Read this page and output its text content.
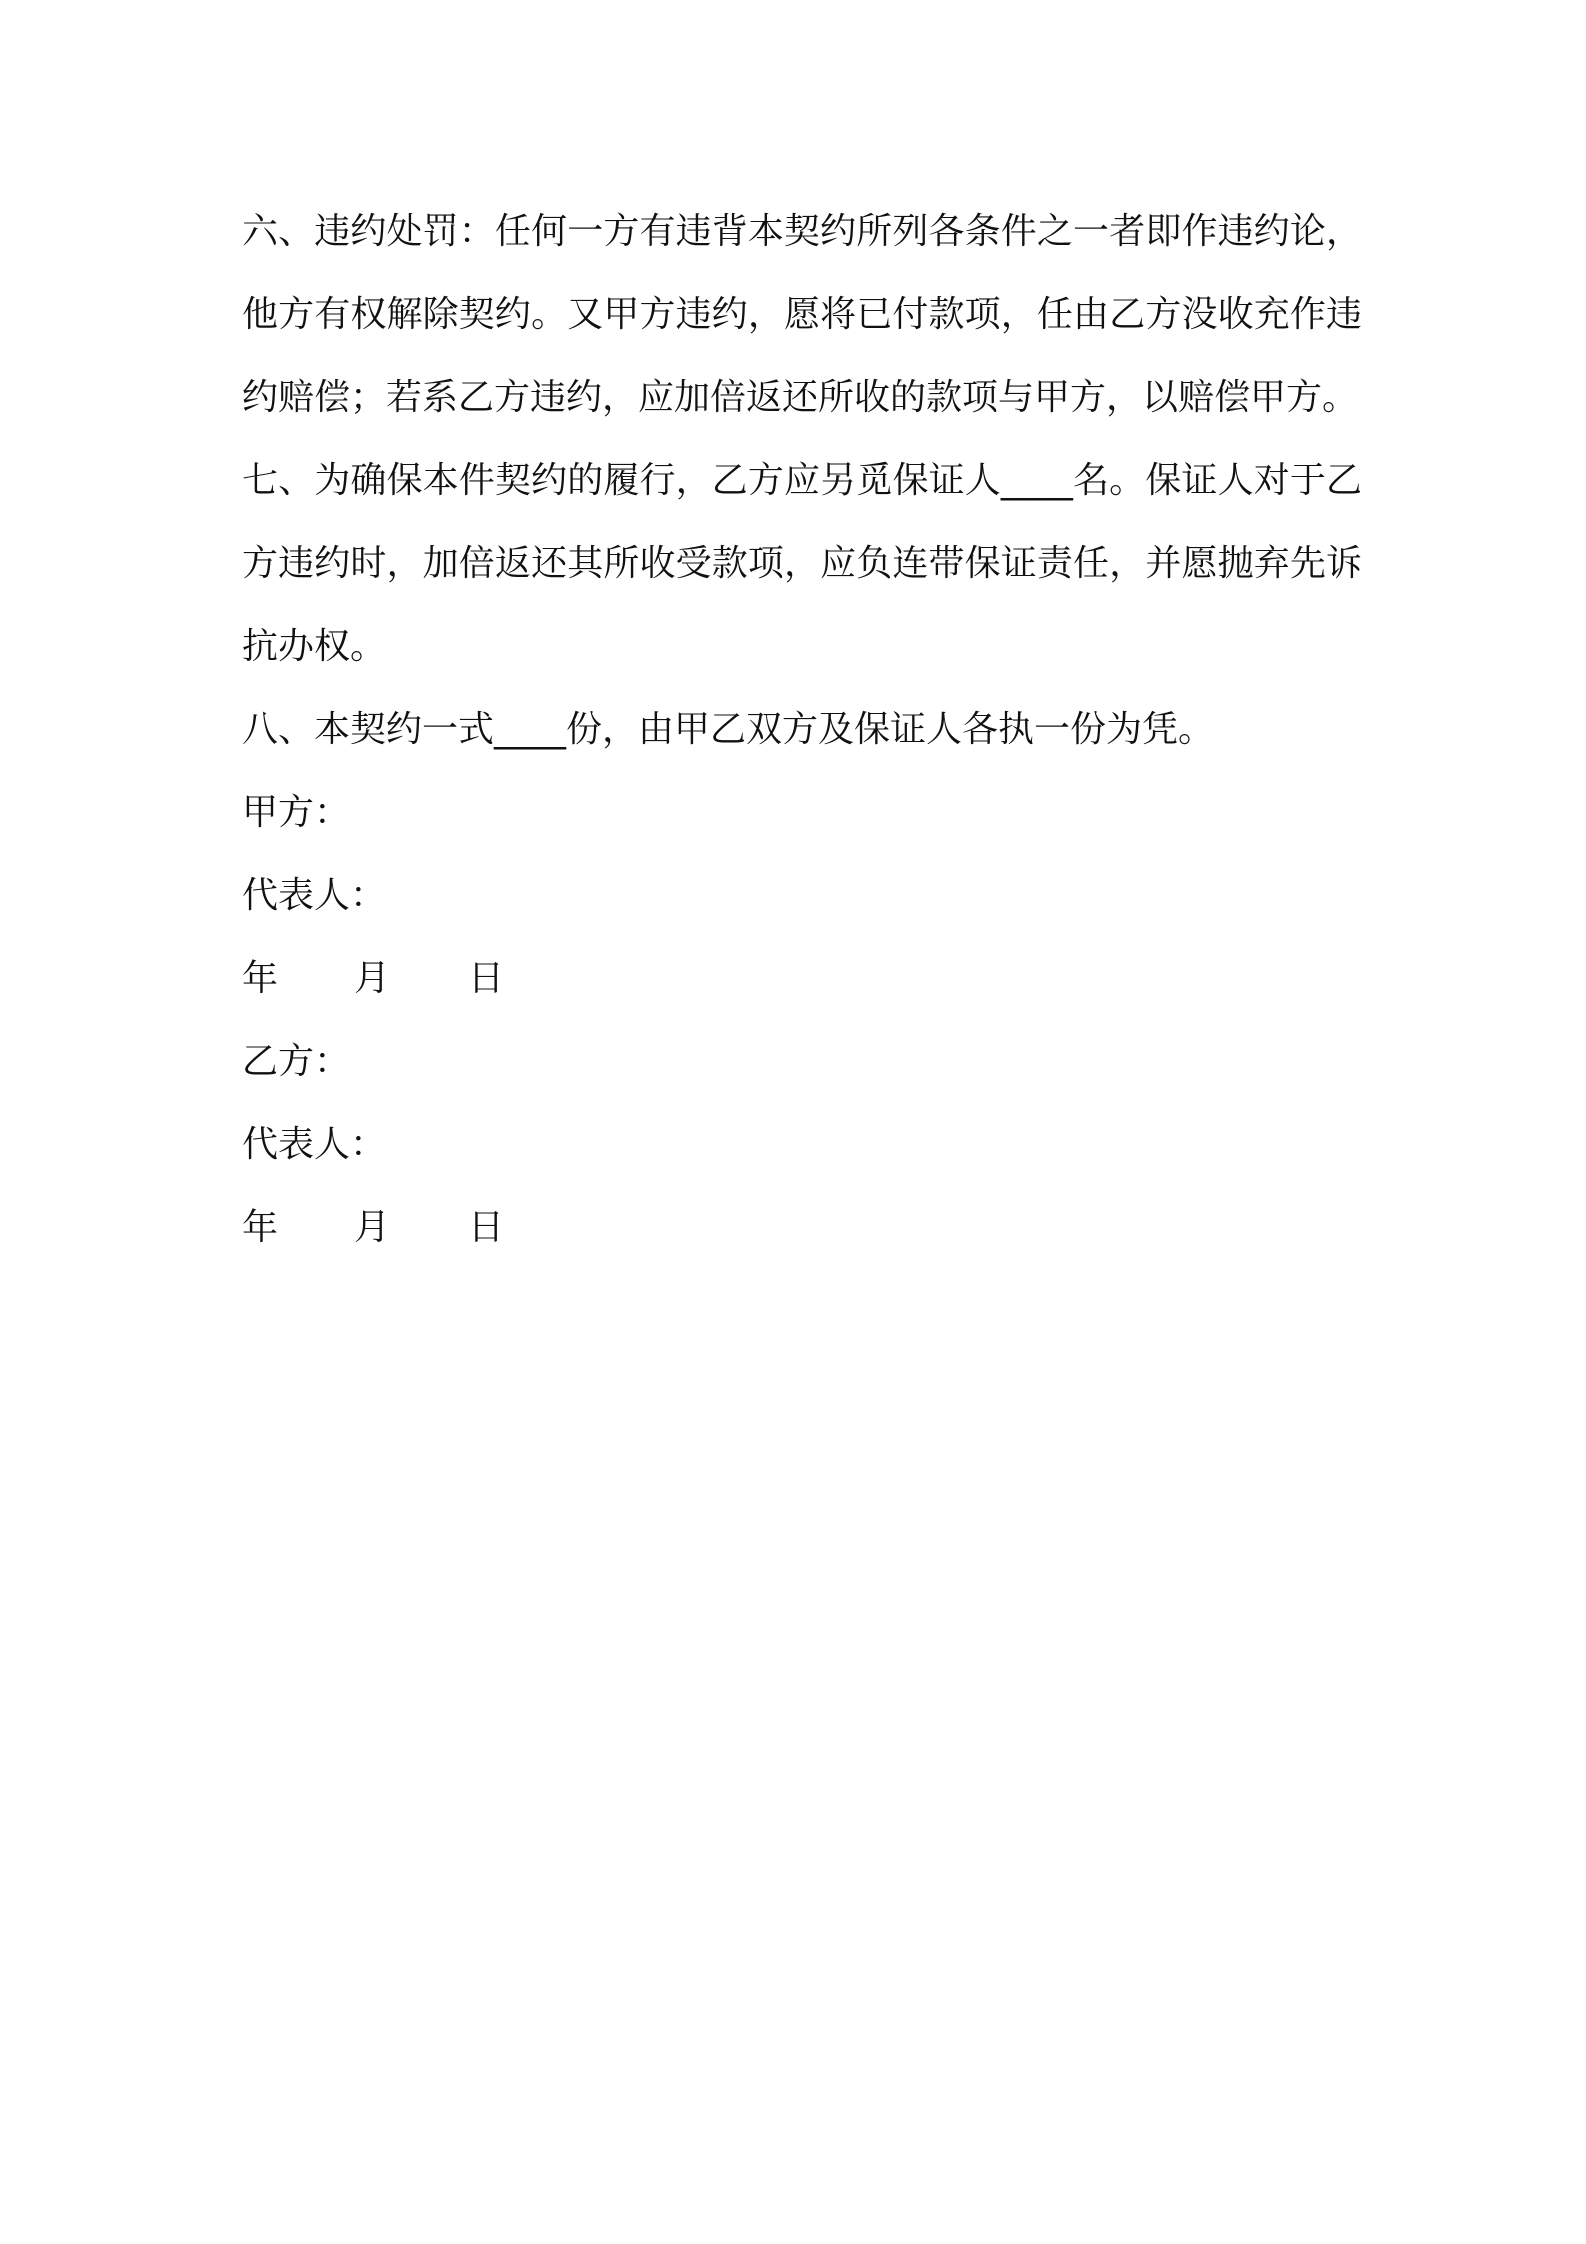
六、违约处罚：任何一方有违背本契约所列各条件之一者即作违约论，他方有权解除契约。又甲方违约，愿将已付款项，任由乙方没收充作违约赔偿；若系乙方违约，应加倍返还所收的款项与甲方，以赔偿甲方。

七、为确保本件契约的履行，乙方应另觅保证人____名。保证人对于乙方违约时，加倍返还其所收受款项，应负连带保证责任，并愿抛弃先诉抗办权。

八、本契约一式____份，由甲乙双方及保证人各执一份为凭。

甲方：

代表人：

年	月	日

乙方：

代表人：

年	月	日
